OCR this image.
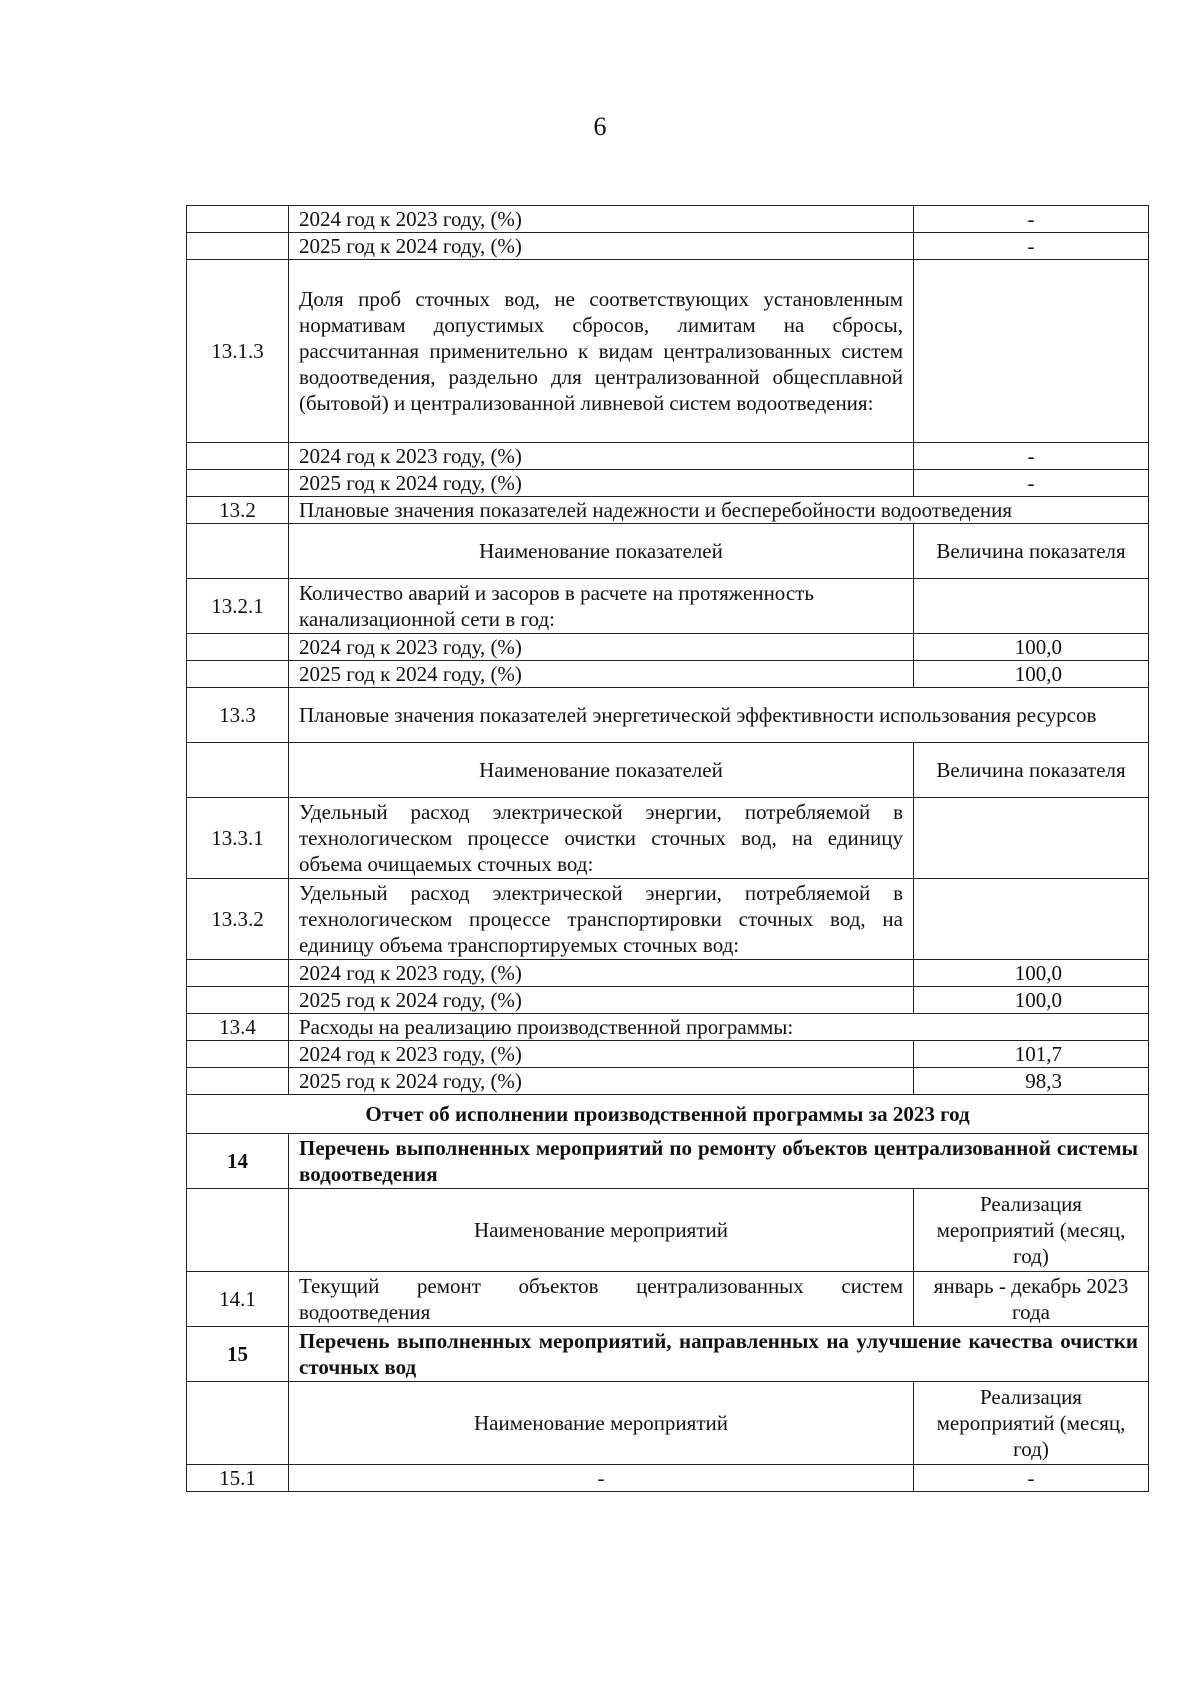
6
	2024 год к 2023 году, (%)	-
	2025 год к 2024 году, (%)	-
13.1.3	Доля проб сточных вод, не соответствующих установленным нормативам допустимых сбросов, лимитам на сбросы, рассчитанная применительно к видам централизованных систем водоотведения, раздельно для централизованной общесплавной (бытовой) и централизованной ливневой систем водоотведения:	
	2024 год к 2023 году, (%)	-
	2025 год к 2024 году, (%)	-
13.2	Плановые значения показателей надежности и бесперебойности водоотведения	
	Наименование показателей	Величина показателя
13.2.1	Количество аварий и засоров в расчете на протяженность канализационной сети в год:	
	2024 год к 2023 году, (%)	100,0
	2025 год к 2024 году, (%)	100,0
13.3	Плановые значения показателей энергетической эффективности использования ресурсов	
	Наименование показателей	Величина показателя
13.3.1	Удельный расход электрической энергии, потребляемой в технологическом процессе очистки сточных вод, на единицу объема очищаемых сточных вод:	
13.3.2	Удельный расход электрической энергии, потребляемой в технологическом процессе транспортировки сточных вод, на единицу объема транспортируемых сточных вод:	
	2024 год к 2023 году, (%)	100,0
	2025 год к 2024 году, (%)	100,0
13.4	Расходы на реализацию производственной программы:	
	2024 год к 2023 году, (%)	101,7
	2025 год к 2024 году, (%)	98,3
Отчет об исполнении производственной программы за 2023 год		
14	Перечень выполненных мероприятий по ремонту объектов централизованной системы водоотведения	
	Наименование мероприятий	Реализация мероприятий (месяц, год)
14.1	Текущий ремонт объектов централизованных систем водоотведения	январь - декабрь 2023 года
15	Перечень выполненных мероприятий, направленных на улучшение качества очистки сточных вод	
	Наименование мероприятий	Реализация мероприятий (месяц, год)
15.1	-	-
